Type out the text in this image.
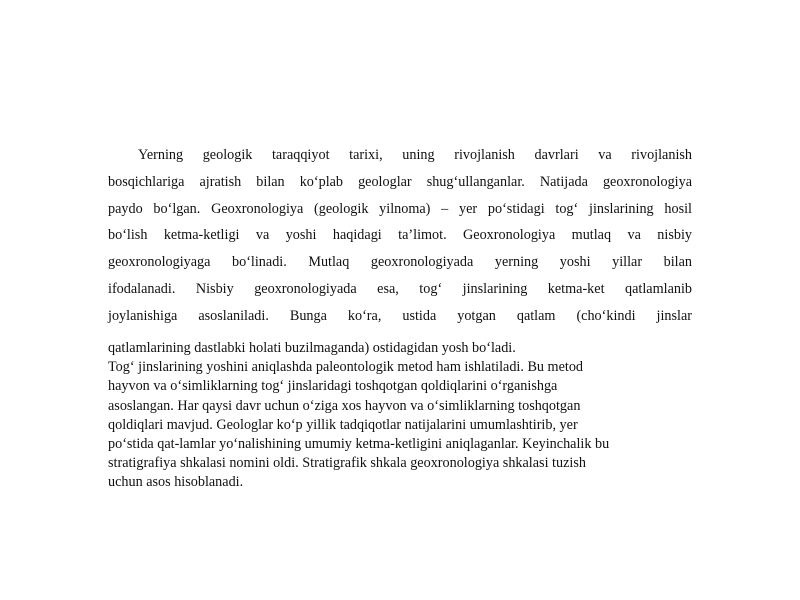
Yerning geologik taraqqiyot tarixi, uning rivojlanish davrlari va rivojlanish
bosqichlariga ajratish bilan ko‘plab geologlar shug‘ullanganlar. Natijada geoxronologiya
paydo bo‘lgan. Geoxronologiya (geologik yilnoma) – yer po‘stidagi tog‘ jinslarining hosil
bo‘lish ketma-ketligi va yoshi haqidagi ta’limot. Geoxronologiya mutlaq va nisbiy
geoxronologiyaga bo‘linadi. Mutlaq geoxronologiyada yerning yoshi yillar bilan
ifodalanadi. Nisbiy geoxronologiyada esa, tog‘ jinslarining ketma-ket qatlamlanib
joylanishiga asoslaniladi. Bunga ko‘ra, ustida yotgan qatlam (cho‘kindi jinslar

qatlamlarining dastlabki holati buzilmaganda) ostidagidan yosh bo‘ladi.
Tog‘ jinslarining yoshini aniqlashda paleontologik metod ham ishlatiladi. Bu metod
hayvon va o‘simliklarning tog‘ jinslaridagi toshqotgan qoldiqlarini o‘rganishga
asoslangan. Har qaysi davr uchun o‘ziga xos hayvon va o‘simliklarning toshqotgan
qoldiqlari mavjud. Geologlar ko‘p yillik tadqiqotlar natijalarini umumlashtirib, yer
po‘stida qat-lamlar yo‘nalishining umumiy ketma-ketligini aniqlaganlar. Keyinchalik bu
stratigrafiya shkalasi nomini oldi. Stratigrafik shkala geoxronologiya shkalasi tuzish
uchun asos hisoblanadi.
